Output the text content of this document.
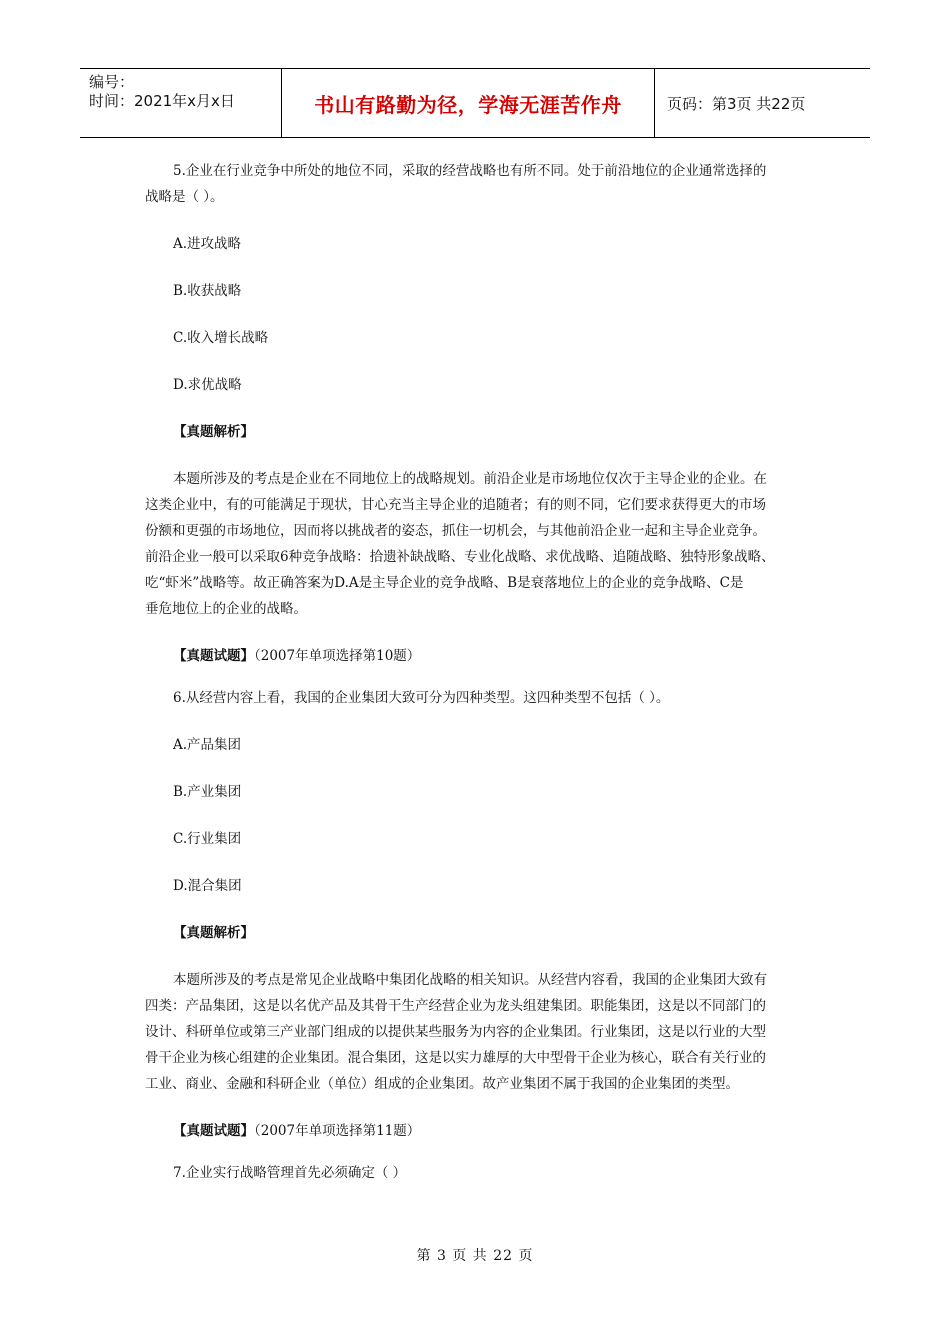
编号：
时间：2021年x月x日	书山有路勤为径，学海无涯苦作舟	页码：第3页 共22页

5.企业在行业竞争中所处的地位不同，采取的经营战略也有所不同。处于前沿地位的企业通常选择的

战略是（ ）。

A.进攻战略

B.收获战略

C.收入增长战略

D.求优战略

【真题解析】

本题所涉及的考点是企业在不同地位上的战略规划。前沿企业是市场地位仅次于主导企业的企业。在

这类企业中，有的可能满足于现状，甘心充当主导企业的追随者；有的则不同，它们要求获得更大的市场

份额和更强的市场地位，因而将以挑战者的姿态，抓住一切机会，与其他前沿企业一起和主导企业竞争。

前沿企业一般可以采取6种竞争战略：拾遗补缺战略、专业化战略、求优战略、追随战略、独特形象战略、

吃“虾米”战略等。故正确答案为D.A是主导企业的竞争战略、B是衰落地位上的企业的竞争战略、C是

垂危地位上的企业的战略。

【真题试题】（2007年单项选择第10题）

6.从经营内容上看，我国的企业集团大致可分为四种类型。这四种类型不包括（ ）。

A.产品集团

B.产业集团

C.行业集团

D.混合集团

【真题解析】

本题所涉及的考点是常见企业战略中集团化战略的相关知识。从经营内容看，我国的企业集团大致有

四类：产品集团，这是以名优产品及其骨干生产经营企业为龙头组建集团。职能集团，这是以不同部门的

设计、科研单位或第三产业部门组成的以提供某些服务为内容的企业集团。行业集团，这是以行业的大型

骨干企业为核心组建的企业集团。混合集团，这是以实力雄厚的大中型骨干企业为核心，联合有关行业的

工业、商业、金融和科研企业（单位）组成的企业集团。故产业集团不属于我国的企业集团的类型。

【真题试题】（2007年单项选择第11题）

7.企业实行战略管理首先必须确定（ ）

第 3 页 共 22 页
